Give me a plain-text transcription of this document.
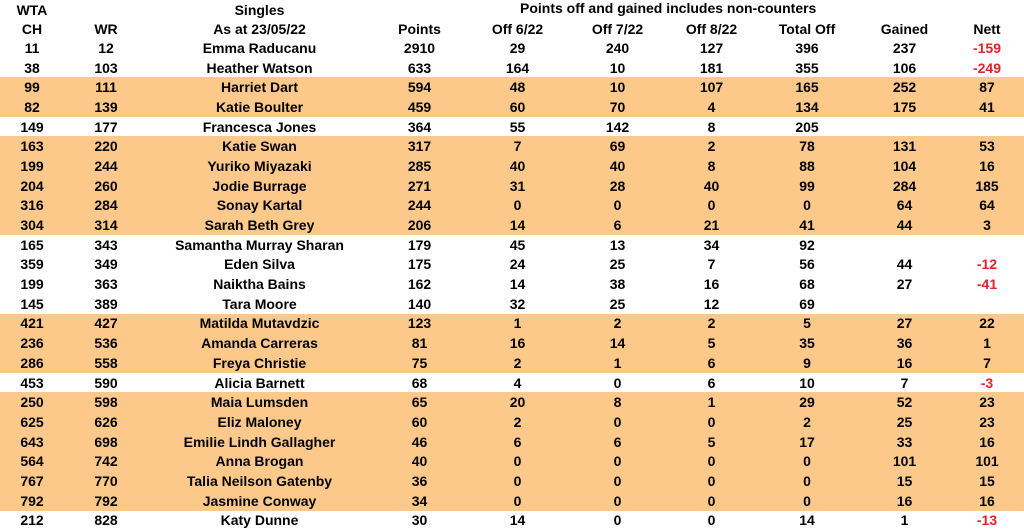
WTA	Singles	Points off and gained includes non-counters
CH	WR	As at 23/05/22	Points	Off 6/22	Off 7/22	Off 8/22	Total Off	Gained	Nett
11	12	Emma Raducanu	2910	29	240	127	396	237	-159
38	103	Heather Watson	633	164	10	181	355	106	-249
99	111	Harriet Dart	594	48	10	107	165	252	87
82	139	Katie Boulter	459	60	70	4	134	175	41
149	177	Francesca Jones	364	55	142	8	205
163	220	Katie Swan	317	7	69	2	78	131	53
199	244	Yuriko Miyazaki	285	40	40	8	88	104	16
204	260	Jodie Burrage	271	31	28	40	99	284	185
316	284	Sonay Kartal	244	0	0	0	0	64	64
304	314	Sarah Beth Grey	206	14	6	21	41	44	3
165	343	Samantha Murray Sharan	179	45	13	34	92
359	349	Eden Silva	175	24	25	7	56	44	-12
199	363	Naiktha Bains	162	14	38	16	68	27	-41
145	389	Tara Moore	140	32	25	12	69
421	427	Matilda Mutavdzic	123	1	2	2	5	27	22
236	536	Amanda Carreras	81	16	14	5	35	36	1
286	558	Freya Christie	75	2	1	6	9	16	7
453	590	Alicia Barnett	68	4	0	6	10	7	-3
250	598	Maia Lumsden	65	20	8	1	29	52	23
625	626	Eliz Maloney	60	2	0	0	2	25	23
643	698	Emilie Lindh Gallagher	46	6	6	5	17	33	16
564	742	Anna Brogan	40	0	0	0	0	101	101
767	770	Talia Neilson Gatenby	36	0	0	0	0	15	15
792	792	Jasmine Conway	34	0	0	0	0	16	16
212	828	Katy Dunne	30	14	0	0	14	1	-13
